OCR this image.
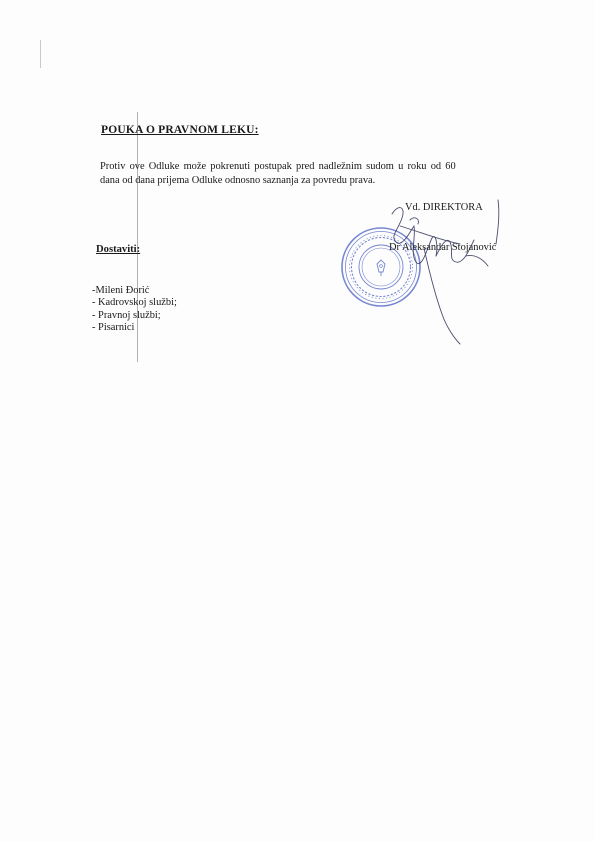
POUKA O PRAVNOM LEKU:
Protiv ove Odluke može pokrenuti postupak pred nadležnim sudom u roku od 60
dana od dana prijema Odluke odnosno saznanja za povredu prava.
Vd. DIREKTORA
Dostaviti:
-Mileni Đorić
- Kadrovskoj službi;
- Pravnoj službi;
- Pisarnici
Dr Aleksandar Stojanović
